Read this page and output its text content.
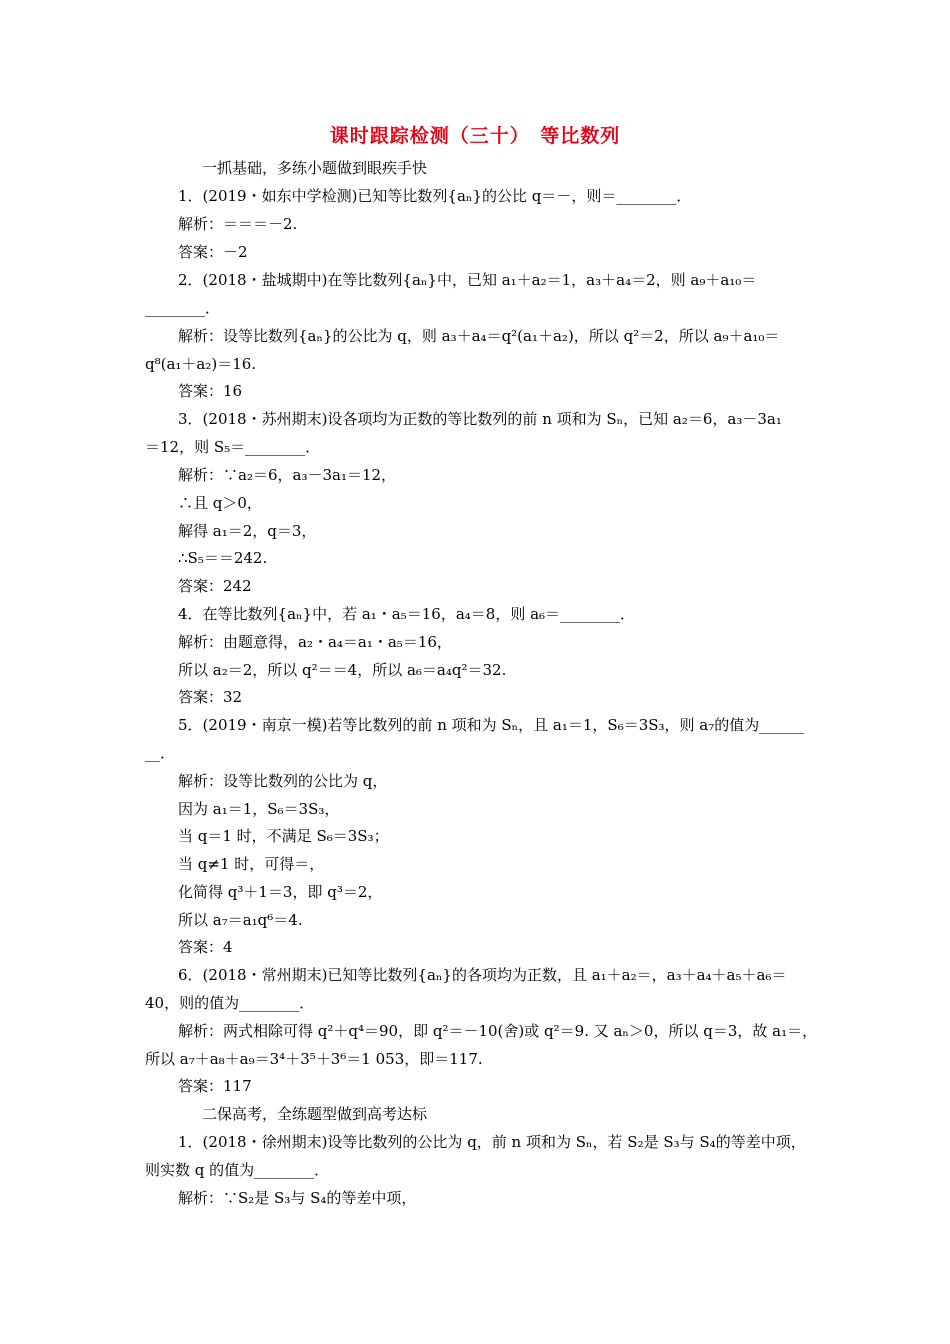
课时跟踪检测（三十）　等比数列
一抓基础，多练小题做到眼疾手快
1．(2019・如东中学检测)已知等比数列{aₙ}的公比 q＝－，则＝________．
解析：＝＝＝－2.
答案：－2
2．(2018・盐城期中)在等比数列{aₙ}中，已知 a₁＋a₂＝1，a₃＋a₄＝2，则 a₉＋a₁₀＝
________．
解析：设等比数列{aₙ}的公比为 q，则 a₃＋a₄＝q²(a₁＋a₂)，所以 q²＝2，所以 a₉＋a₁₀＝
q⁸(a₁＋a₂)＝16.
答案：16
3．(2018・苏州期末)设各项均为正数的等比数列的前 n 项和为 Sₙ，已知 a₂＝6，a₃－3a₁
＝12，则 S₅＝________．
解析：∵a₂＝6，a₃－3a₁＝12，
∴且 q＞0，
解得 a₁＝2，q＝3，
∴S₅＝＝242.
答案：242
4．在等比数列{aₙ}中，若 a₁・a₅＝16，a₄＝8，则 a₆＝________．
解析：由题意得，a₂・a₄＝a₁・a₅＝16，
所以 a₂＝2，所以 q²＝＝4，所以 a₆＝a₄q²＝32.
答案：32
5．(2019・南京一模)若等比数列的前 n 项和为 Sₙ，且 a₁＝1，S₆＝3S₃，则 a₇的值为______
__．
解析：设等比数列的公比为 q，
因为 a₁＝1，S₆＝3S₃，
当 q＝1 时，不满足 S₆＝3S₃；
当 q≠1 时，可得＝，
化简得 q³＋1＝3，即 q³＝2，
所以 a₇＝a₁q⁶＝4.
答案：4
6．(2018・常州期末)已知等比数列{aₙ}的各项均为正数，且 a₁＋a₂＝，a₃＋a₄＋a₅＋a₆＝
40，则的值为________．
解析：两式相除可得 q²＋q⁴＝90，即 q²＝－10(舍)或 q²＝9. 又 aₙ＞0，所以 q＝3，故 a₁＝，
所以 a₇＋a₈＋a₉＝3⁴＋3⁵＋3⁶＝1 053，即＝117.
答案：117
二保高考，全练题型做到高考达标
1．(2018・徐州期末)设等比数列的公比为 q，前 n 项和为 Sₙ，若 S₂是 S₃与 S₄的等差中项，
则实数 q 的值为________．
解析：∵S₂是 S₃与 S₄的等差中项，
